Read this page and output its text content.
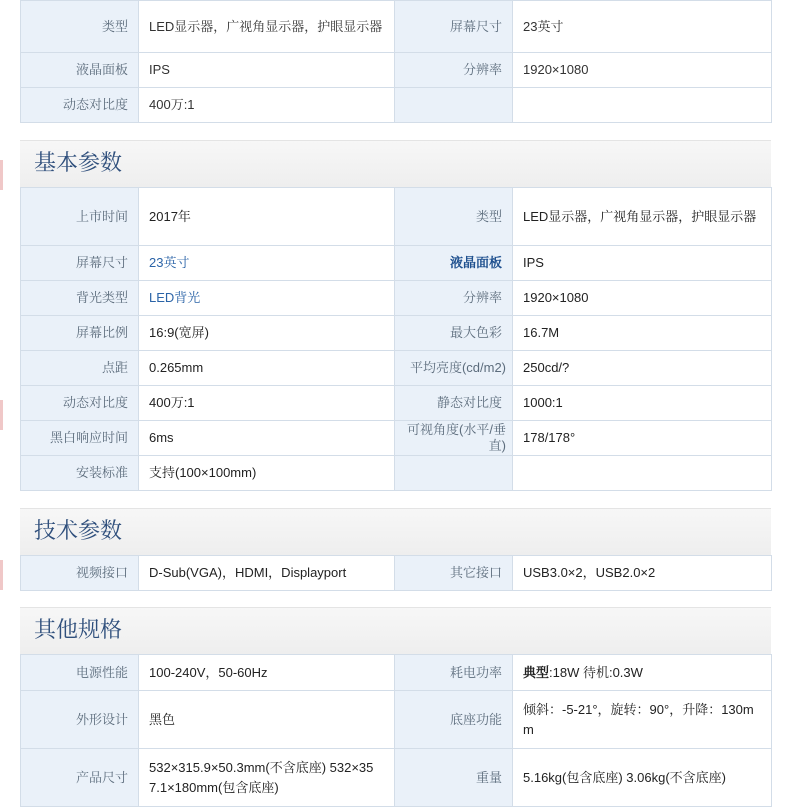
类型	LED显示器，广视角显示器，护眼显示器	屏幕尺寸	23英寸
液晶面板	IPS	分辨率	1920×1080
动态对比度	400万:1		
基本参数
上市时间	2017年	类型	LED显示器，广视角显示器，护眼显示器
屏幕尺寸	23英寸	液晶面板	IPS
背光类型	LED背光	分辨率	1920×1080
屏幕比例	16:9(宽屏)	最大色彩	16.7M
点距	0.265mm	平均亮度(cd/m2)	250cd/?
动态对比度	400万:1	静态对比度	1000:1
黑白响应时间	6ms	可视角度(水平/垂直)	178/178°
安装标准	支持(100×100mm)		
技术参数
视频接口	D-Sub(VGA)，HDMI，Displayport	其它接口	USB3.0×2，USB2.0×2
其他规格
电源性能	100-240V，50-60Hz	耗电功率	典型:18W 待机:0.3W
外形设计	黑色	底座功能	倾斜：-5-21°，旋转：90°，升降：130mm
产品尺寸	532×315.9×50.3mm(不含底座) 532×357.1×180mm(包含底座)	重量	5.16kg(包含底座) 3.06kg(不含底座)
